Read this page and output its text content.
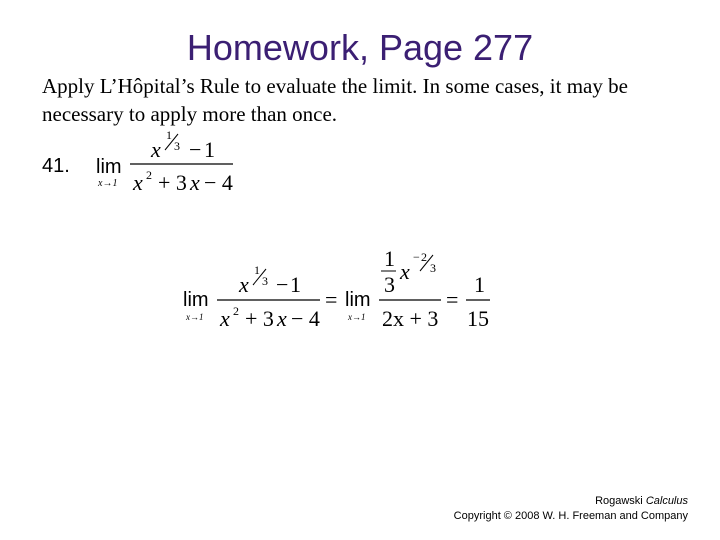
Homework, Page 277
Apply L’Hôpital’s Rule to evaluate the limit. In some cases, it may be necessary to apply more than once.
41. lim
x→1
x
1
3 − 1
x 2 + 3 x − 4
lim
x→1
x
1
3 − 1
x 2 + 3 x − 4
= lim
x→1
1
3
x
− 2
3
2x + 3
=
1
15
Rogawski Calculus
Copyright © 2008 W. H. Freeman and Company
